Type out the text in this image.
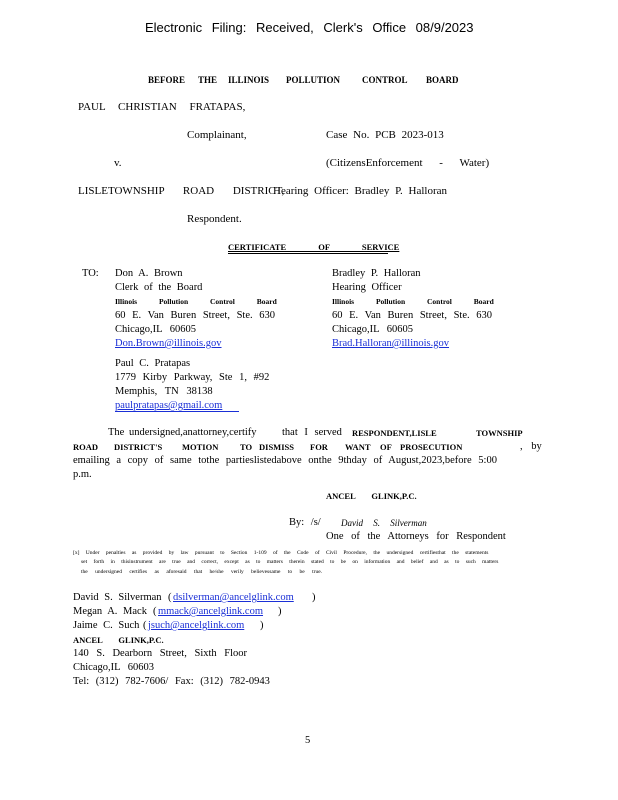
Electronic Filing: Received, Clerk's Office 08/9/2023
BEFORE THE ILLINOIS POLLUTION CONTROL BOARD
PAUL CHRISTIAN FRATAPAS,
Complainant,	Case No. PCB 2023-013
v.	(CitizensEnforcement - Water)
LISLETOWNSHIP ROAD DISTRICT,
Hearing Officer: Bradley P. Halloran
Respondent.
CERTIFICATE OF SERVICE
TO: Don A. Brown
Clerk of the Board
Illinois Pollution Control Board
60 E. Van Buren Street, Ste. 630
Chicago,IL 60605
Don.Brown@illinois.gov
Paul C. Pratapas
1779 Kirby Parkway, Ste 1, #92
Memphis, TN 38138
paulpratapas@gmail.com
Bradley P. Halloran
Hearing Officer
Illinois Pollution Control Board
60 E. Van Buren Street, Ste. 630
Chicago,IL 60605
Brad.Halloran@illinois.gov
The undersigned,anattorney,certify that I served RESPONDENT,LISLE	TOWNSHIP
ROAD DISTRICT'S MOTION	TO DISMISS FOR WANT OF PROSECUTION	, by
emailing a copy of same tothe partieslistedabove onthe 9thday of August,2023,before 5:00
p.m.
ANCEL GLINK,P.C.
By: /s/ David S. Silverman
One of the Attorneys for Respondent
[x] Under penalties as provided by law pursuant to Section 1-109 of the Code of Civil Procedure, the undersigned certifiesthat the statements
set forth in thisinstrument are true and correct, except as to matters therein stated to be on information and belief and as to such matters
the undersigned certifies as aforesaid that he/she verily believessame to be true.
David S. Silverman ( dsilverman@ancelglink.com )
Megan A. Mack ( mmack@ancelglink.com )
Jaime C. Such ( jsuch@ancelglink.com )
ANCEL GLINK,P.C.
140 S. Dearborn Street, Sixth Floor
Chicago,IL 60603
Tel: (312) 782-7606/ Fax: (312) 782-0943
5
